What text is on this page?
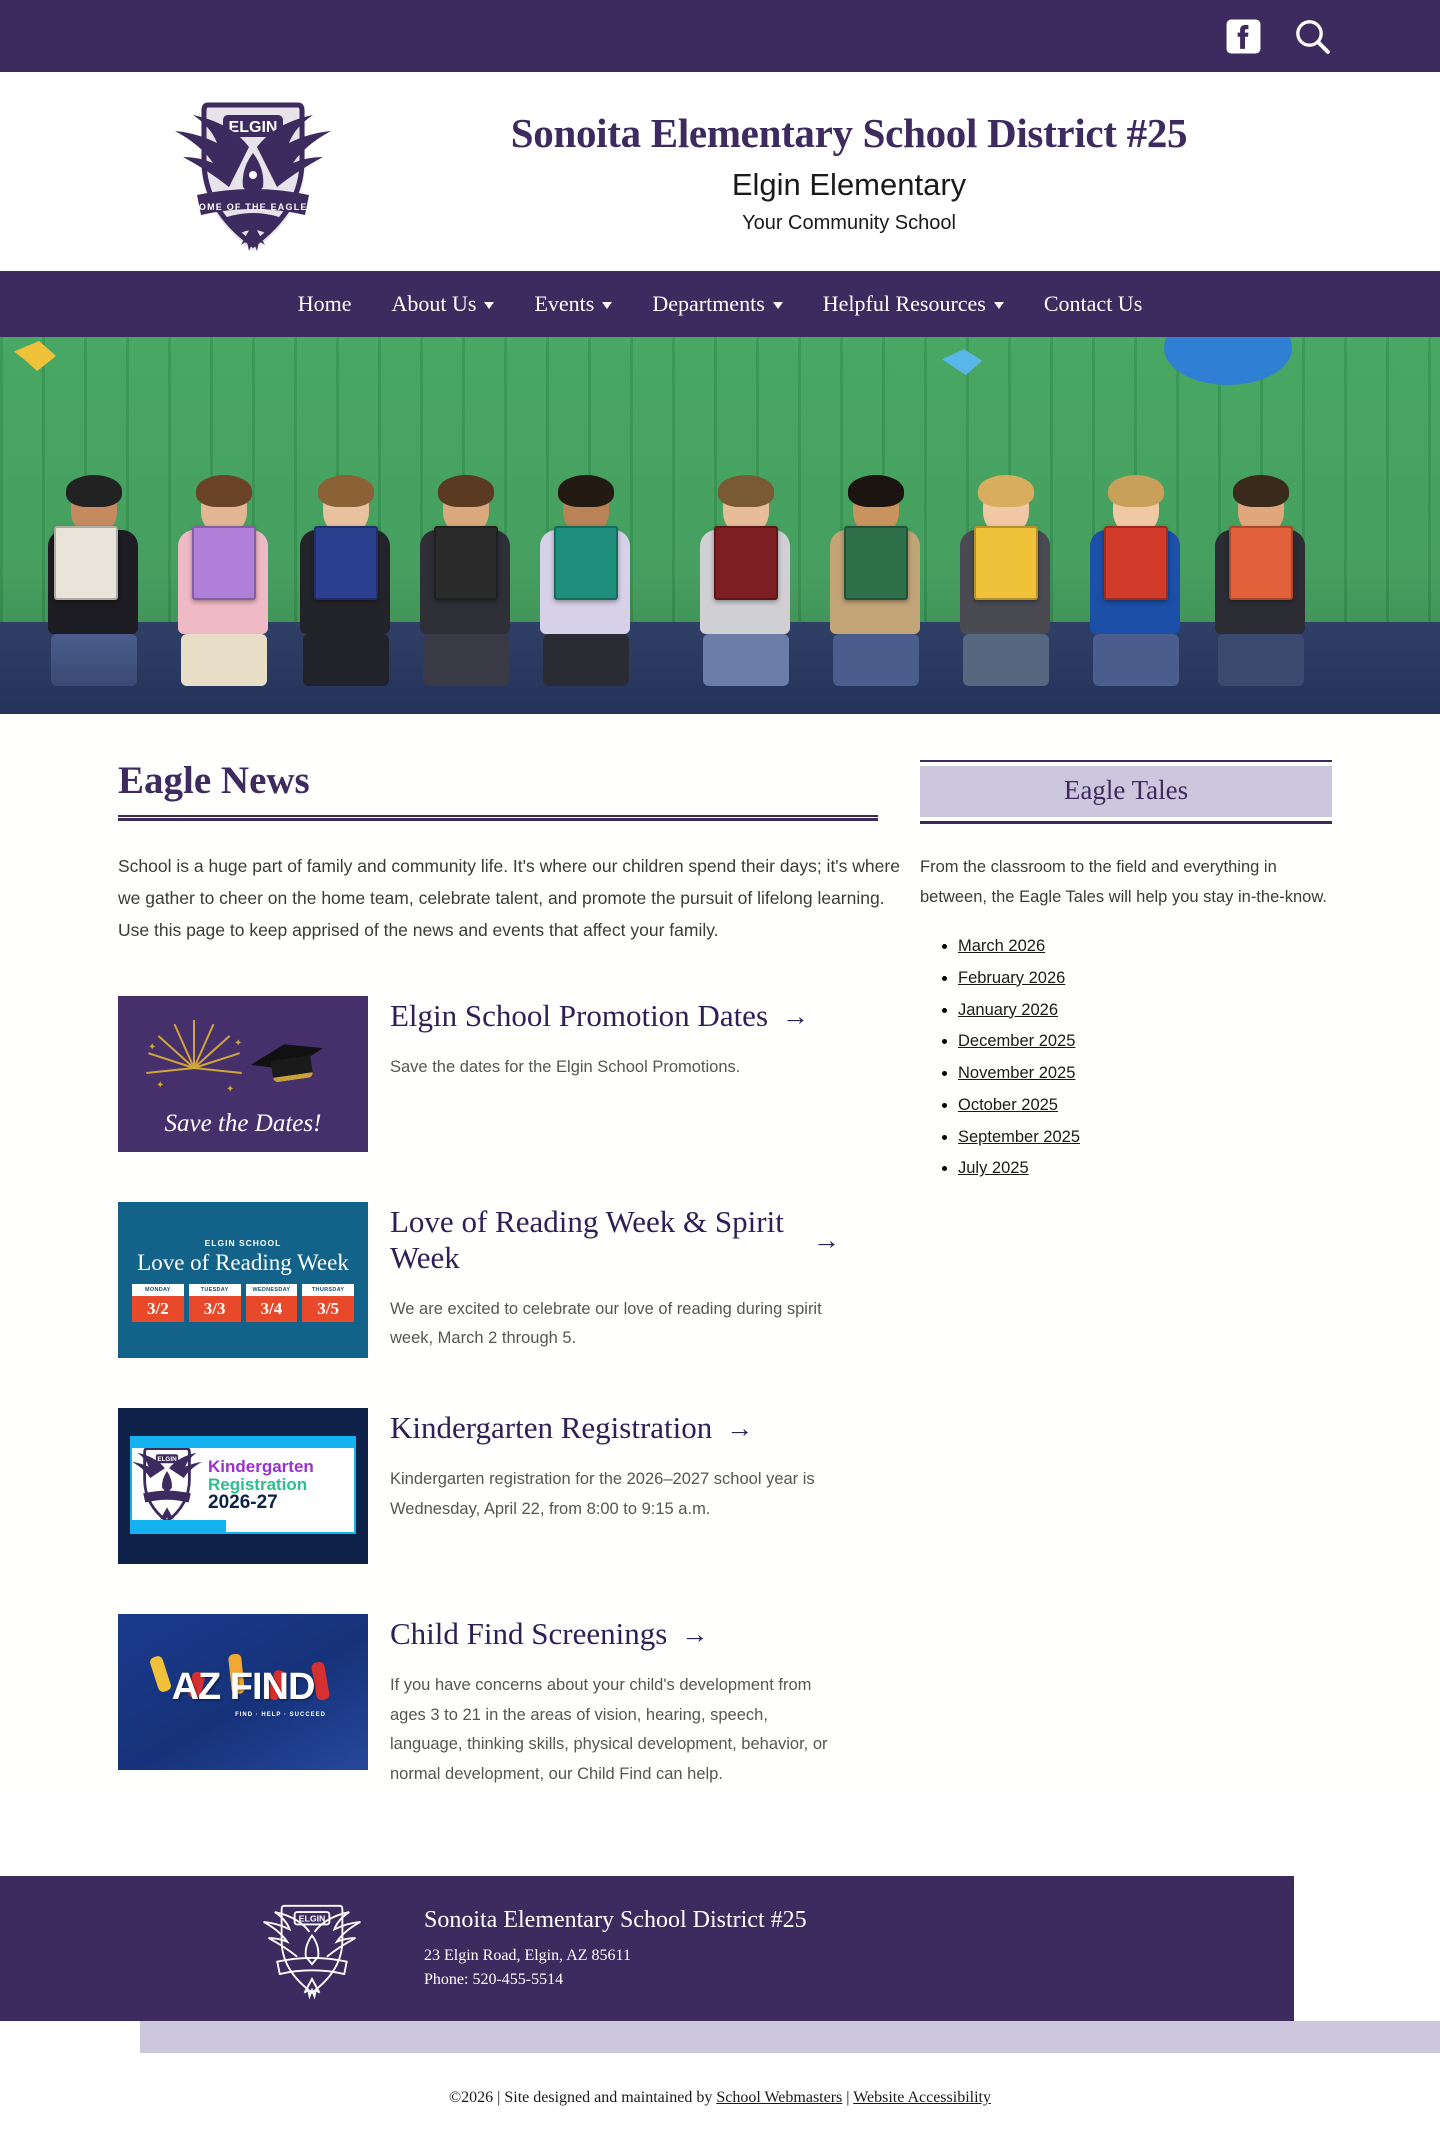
ELGIN
HOME OF THE EAGLES
Sonoita Elementary School District #25
Elgin Elementary
Your Community School
Home About Us	Events	Departments	Helpful Resources	Contact Us
Eagle News

School is a huge part of family and community life. It's where our children spend their days; it's where we gather to cheer on the home team, celebrate talent, and promote the pursuit of lifelong learning. Use this page to keep apprised of the news and events that affect your family.

✦	✦
✦	✦
Save the Dates!
Elgin School Promotion Dates →

Save the dates for the Elgin School Promotions.

ELGIN SCHOOL
Love of Reading Week
MONDAY
3/2
TUESDAY
3/3
WEDNESDAY
3/4
THURSDAY
3/5
Love of Reading Week & Spirit Week
→

We are excited to celebrate our love of reading during spirit week, March 2 through 5.

ELGIN Kindergarten
Registration
2026-27
Kindergarten Registration →

Kindergarten registration for the 2026–2027 school year is Wednesday, April 22, from 8:00 to 9:15 a.m.

AZ FIND
FIND · HELP · SUCCEED
Child Find Screenings →

If you have concerns about your child's development from ages 3 to 21 in the areas of vision, hearing, speech, language, thinking skills, physical development, behavior, or normal development, our Child Find can help.

Eagle Tales

From the classroom to the field and everything in between, the Eagle Tales will help you stay in-the-know.

• March 2026
• February 2026
• January 2026
• December 2025
• November 2025
• October 2025
• September 2025
• July 2025
ELGIN	Sonoita Elementary School District #25
23 Elgin Road, Elgin, AZ 85611
Phone: 520-455-5514
©2026 | Site designed and maintained by School Webmasters | Website Accessibility
